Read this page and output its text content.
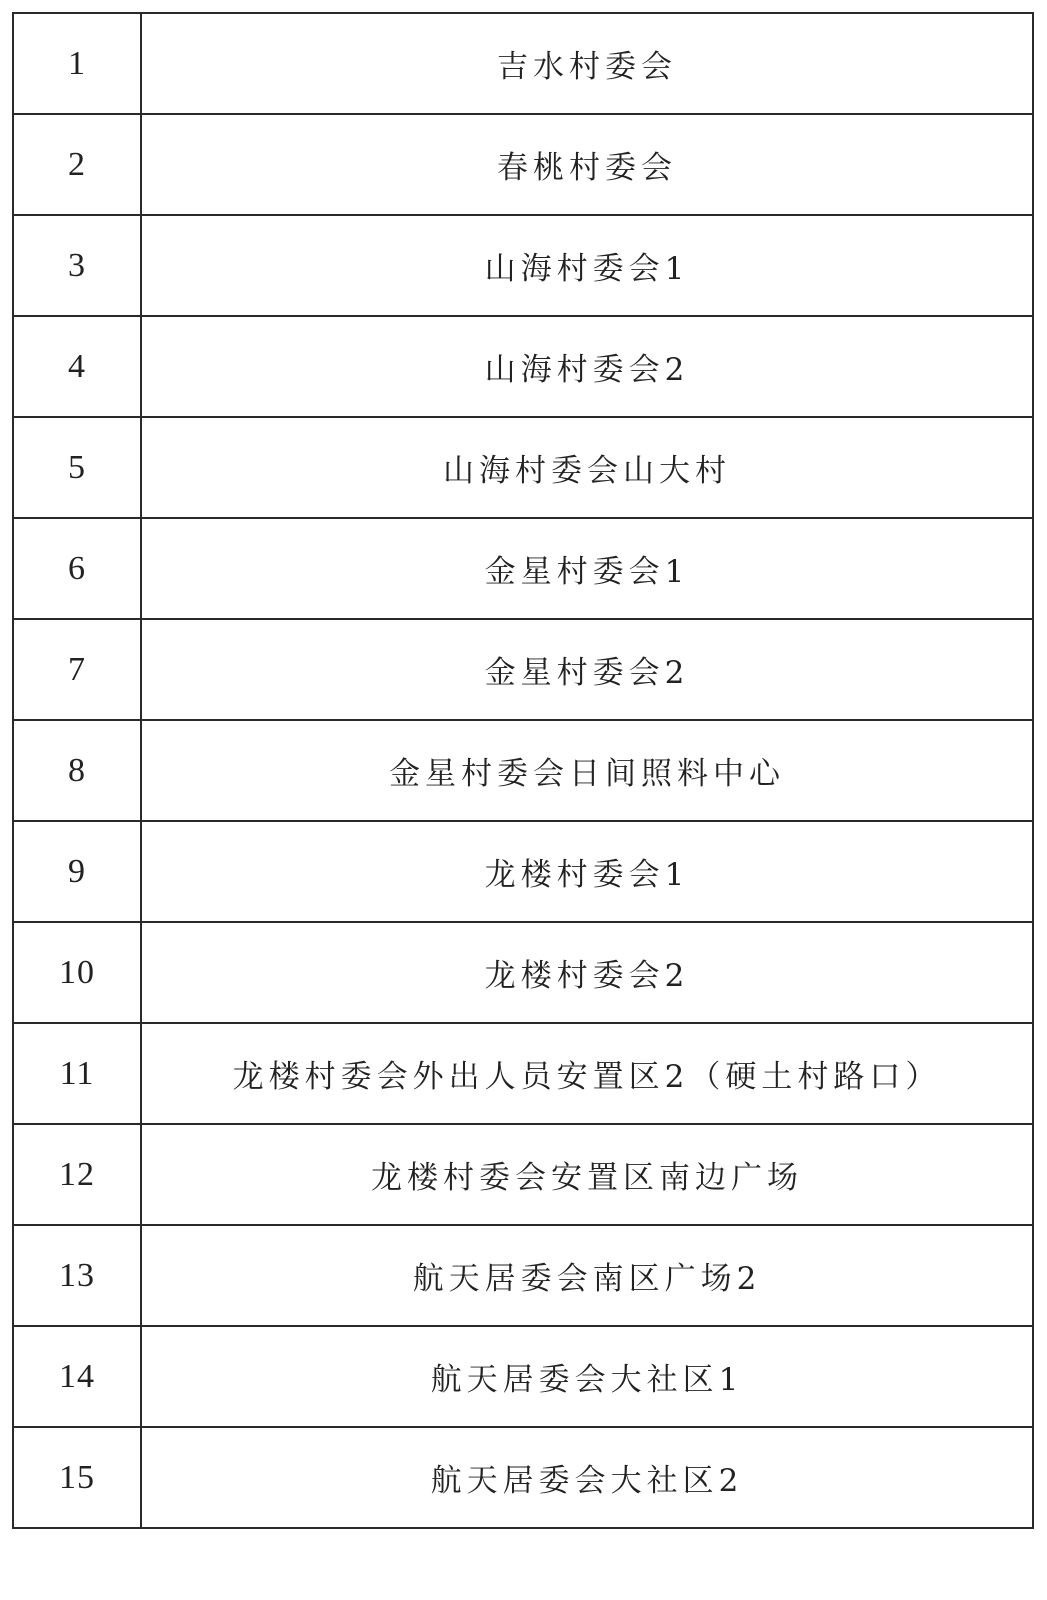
1	吉水村委会
2	春桃村委会
3	山海村委会1
4	山海村委会2
5	山海村委会山大村
6	金星村委会1
7	金星村委会2
8	金星村委会日间照料中心
9	龙楼村委会1
10	龙楼村委会2
11	龙楼村委会外出人员安置区2（硬土村路口）
12	龙楼村委会安置区南边广场
13	航天居委会南区广场2
14	航天居委会大社区1
15	航天居委会大社区2
